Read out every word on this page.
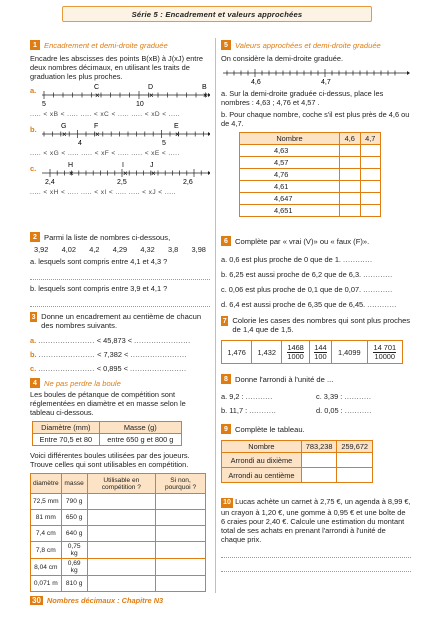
Série 5 : Encadrement et valeurs approchées
1 Encadrement et demi-droite graduée
Encadre les abscisses des points B(xB) à J(xJ) entre deux nombres décimaux, en utilisant les traits de graduation les plus proches.
a.
5	10
C	D	B
×	×	×
..... < xB < ..... ..... < xC < ..... ..... < xD < .....
b.
4	5
G	F	E
×	×	×
..... < xG < ..... ..... < xF < ..... ..... < xE < .....
c.
2,4	2,5	2,6
H	I	J
×	×	×
..... < xH < ..... ..... < xI < ..... ..... < xJ < .....
2 Parmi la liste de nombres ci-dessous,
3,92 4,02 4,2 4,29 4,32 3,8 3,98
a. lesquels sont compris entre 4,1 et 4,3 ?
b. lesquels sont compris entre 3,9 et 4,1 ?
3 Donne un encadrement au centième de chacun des nombres suivants.
a. ....................... < 45,873 < .......................
b. ....................... < 7,382 < .......................
c. ....................... < 0,895 < .......................
4 Ne pas perdre la boule
Les boules de pétanque de compétition sont réglementées en diamètre et en masse selon le tableau ci-dessous.
Diamètre (mm)	Masse (g)
Entre 70,5 et 80	entre 650 g et 800 g
Voici différentes boules utilisées par des joueurs. Trouve celles qui sont utilisables en compétition.
diamètre	masse	Utilisable en compétition ?	Si non, pourquoi ?
72,5 mm	790 g		
81 mm	650 g		
7,4 cm	640 g		
7,8 cm	0,75 kg		
8,04 cm	0,69 kg		
0,071 m	810 g		
5 Valeurs approchées et demi-droite graduée
On considère la demi-droite graduée.
4,6	4,7
a. Sur la demi-droite graduée ci-dessus, place les nombres : 4,63 ; 4,76 et 4,57 .
b. Pour chaque nombre, coche s'il est plus près de 4,6 ou de 4,7.
Nombre	4,6	4,7
4,63		
4,57		
4,76		
4,61		
4,647		
4,651		
6 Complète par « vrai (V)» ou « faux (F)».
a. 0,6 est plus proche de 0 que de 1. ............
b. 6,25 est aussi proche de 6,2 que de 6,3. ............
c. 0,06 est plus proche de 0,1 que de 0,07. ............
d. 6,4 est aussi proche de 6,35 que de 6,45. ............
7 Colorie les cases des nombres qui sont plus proches de 1,4 que de 1,5.
1,476	1,432	$\frac{1468}{1000}$	$\frac{144}{100}$	1,4099	$\frac{14 701}{10000}$
8 Donne l'arrondi à l'unité de ...
a. 9,2 : ...........	c. 3,39 : ...........
b. 11,7 : ...........	d. 0,05 : ...........
9 Complète le tableau.
Nombre	783,238	259,672
Arrondi au dixième		
Arrondi au centième		
10 Lucas achète un carnet à 2,75 €, un agenda à 8,99 €, un crayon à 1,20 €, une gomme à 0,95 € et une boîte de 6 craies pour 2,40 €. Calcule une estimation du montant total de ses achats en prenant l'arrondi à l'unité de chaque prix.
30 Nombres décimaux : Chapitre N3
